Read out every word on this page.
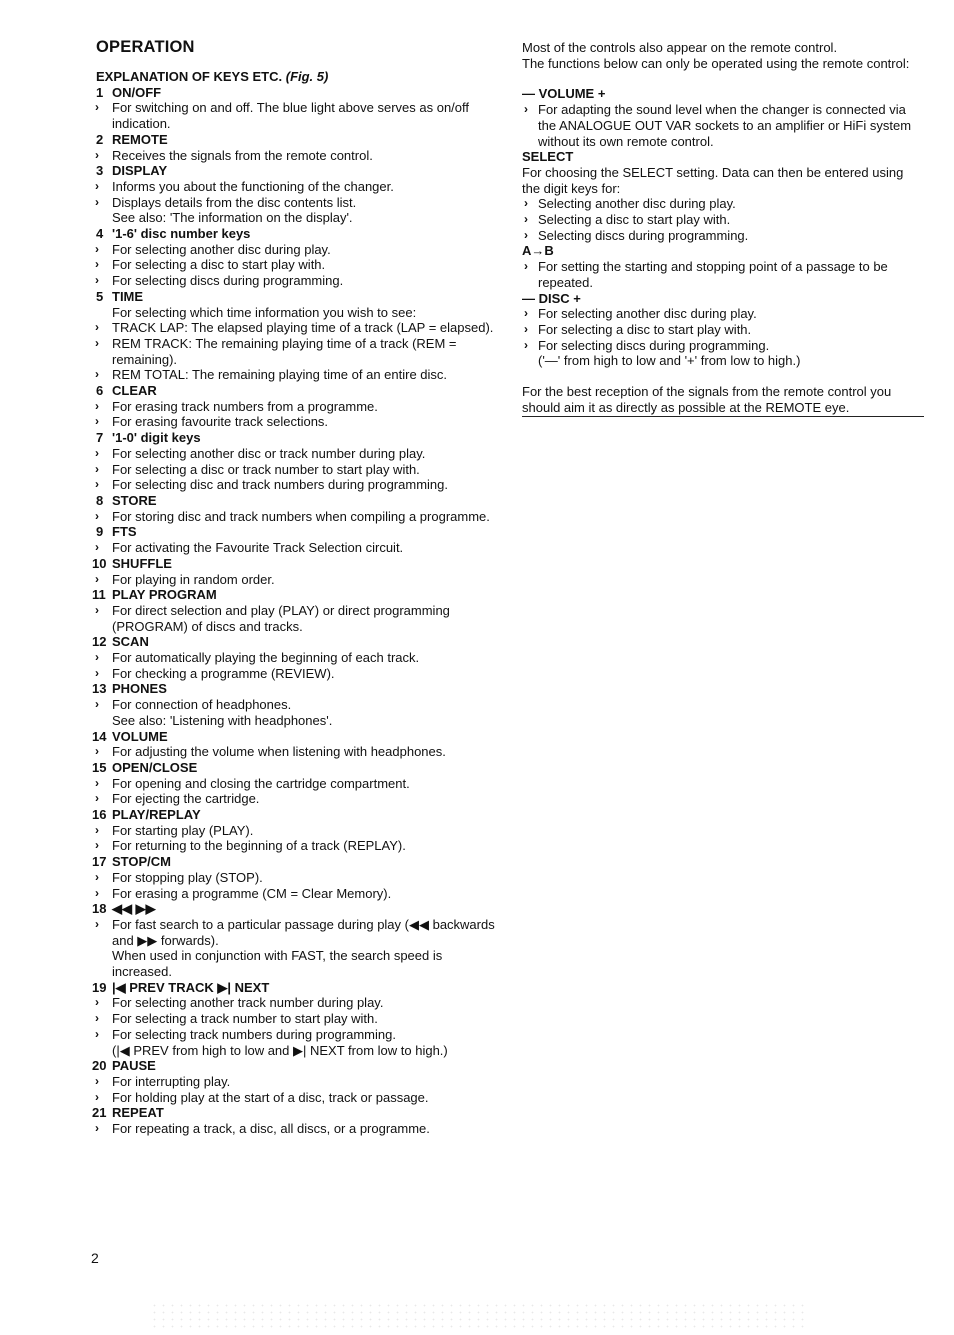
OPERATION
EXPLANATION OF KEYS ETC. (Fig. 5)
1 ON/OFF
› For switching on and off. The blue light above serves as on/off indication.
2 REMOTE
› Receives the signals from the remote control.
3 DISPLAY
› Informs you about the functioning of the changer.
› Displays details from the disc contents list.
See also: 'The information on the display'.
4 '1-6' disc number keys
› For selecting another disc during play.
› For selecting a disc to start play with.
› For selecting discs during programming.
5 TIME
For selecting which time information you wish to see:
› TRACK LAP: The elapsed playing time of a track (LAP = elapsed).
› REM TRACK: The remaining playing time of a track (REM = remaining).
› REM TOTAL: The remaining playing time of an entire disc.
6 CLEAR
› For erasing track numbers from a programme.
› For erasing favourite track selections.
7 '1-0' digit keys
› For selecting another disc or track number during play.
› For selecting a disc or track number to start play with.
› For selecting disc and track numbers during programming.
8 STORE
› For storing disc and track numbers when compiling a programme.
9 FTS
› For activating the Favourite Track Selection circuit.
10 SHUFFLE
› For playing in random order.
11 PLAY PROGRAM
› For direct selection and play (PLAY) or direct programming (PROGRAM) of discs and tracks.
12 SCAN
› For automatically playing the beginning of each track.
› For checking a programme (REVIEW).
13 PHONES
› For connection of headphones.
See also: 'Listening with headphones'.
14 VOLUME
› For adjusting the volume when listening with headphones.
15 OPEN/CLOSE
› For opening and closing the cartridge compartment.
› For ejecting the cartridge.
16 PLAY/REPLAY
› For starting play (PLAY).
› For returning to the beginning of a track (REPLAY).
17 STOP/CM
› For stopping play (STOP).
› For erasing a programme (CM = Clear Memory).
18 ◀◀ ▶▶
› For fast search to a particular passage during play (◀◀ backwards and ▶▶ forwards).
When used in conjunction with FAST, the search speed is increased.
19 |◀ PREV TRACK ▶| NEXT
› For selecting another track number during play.
› For selecting a track number to start play with.
› For selecting track numbers during programming.
(|◀ PREV from high to low and ▶| NEXT from low to high.)
20 PAUSE
› For interrupting play.
› For holding play at the start of a disc, track or passage.
21 REPEAT
› For repeating a track, a disc, all discs, or a programme.
Most of the controls also appear on the remote control.
The functions below can only be operated using the remote control:
— VOLUME +
› For adapting the sound level when the changer is connected via the ANALOGUE OUT VAR sockets to an amplifier or HiFi system without its own remote control.
SELECT
For choosing the SELECT setting. Data can then be entered using the digit keys for:
› Selecting another disc during play.
› Selecting a disc to start play with.
› Selecting discs during programming.
A→B
› For setting the starting and stopping point of a passage to be repeated.
— DISC +
› For selecting another disc during play.
› For selecting a disc to start play with.
› For selecting discs during programming.
('—' from high to low and '+' from low to high.)
For the best reception of the signals from the remote control you should aim it as directly as possible at the REMOTE eye.
2
